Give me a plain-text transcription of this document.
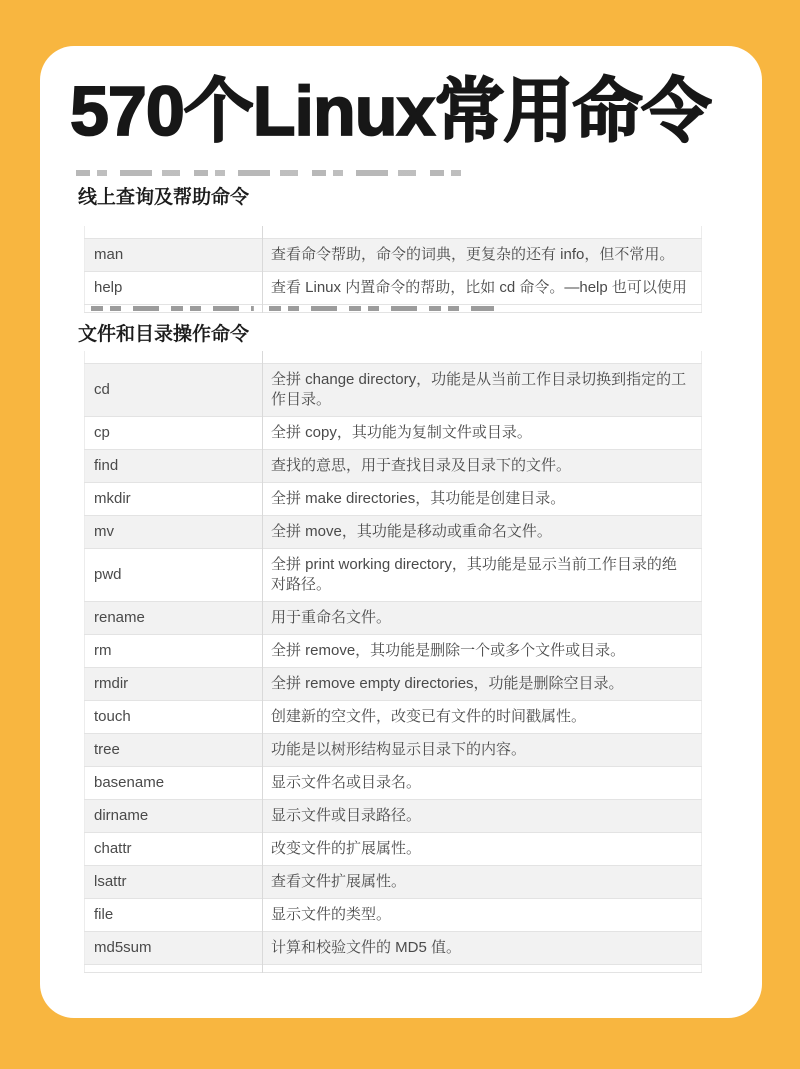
570个Linux常用命令
线上查询及帮助命令

man	查看命令帮助，命令的词典，更复杂的还有 info，但不常用。
help	查看 Linux 内置命令的帮助，比如 cd 命令。—help 也可以使用

文件和目录操作命令

cd	全拼 change directory，功能是从当前工作目录切换到指定的工作目录。
cp	全拼 copy，其功能为复制文件或目录。
find	查找的意思，用于查找目录及目录下的文件。
mkdir	全拼 make directories，其功能是创建目录。
mv	全拼 move，其功能是移动或重命名文件。
pwd	全拼 print working directory，其功能是显示当前工作目录的绝对路径。
rename	用于重命名文件。
rm	全拼 remove，其功能是删除一个或多个文件或目录。
rmdir	全拼 remove empty directories，功能是删除空目录。
touch	创建新的空文件，改变已有文件的时间戳属性。
tree	功能是以树形结构显示目录下的内容。
basename	显示文件名或目录名。
dirname	显示文件或目录路径。
chattr	改变文件的扩展属性。
lsattr	查看文件扩展属性。
file	显示文件的类型。
md5sum	计算和校验文件的 MD5 值。
